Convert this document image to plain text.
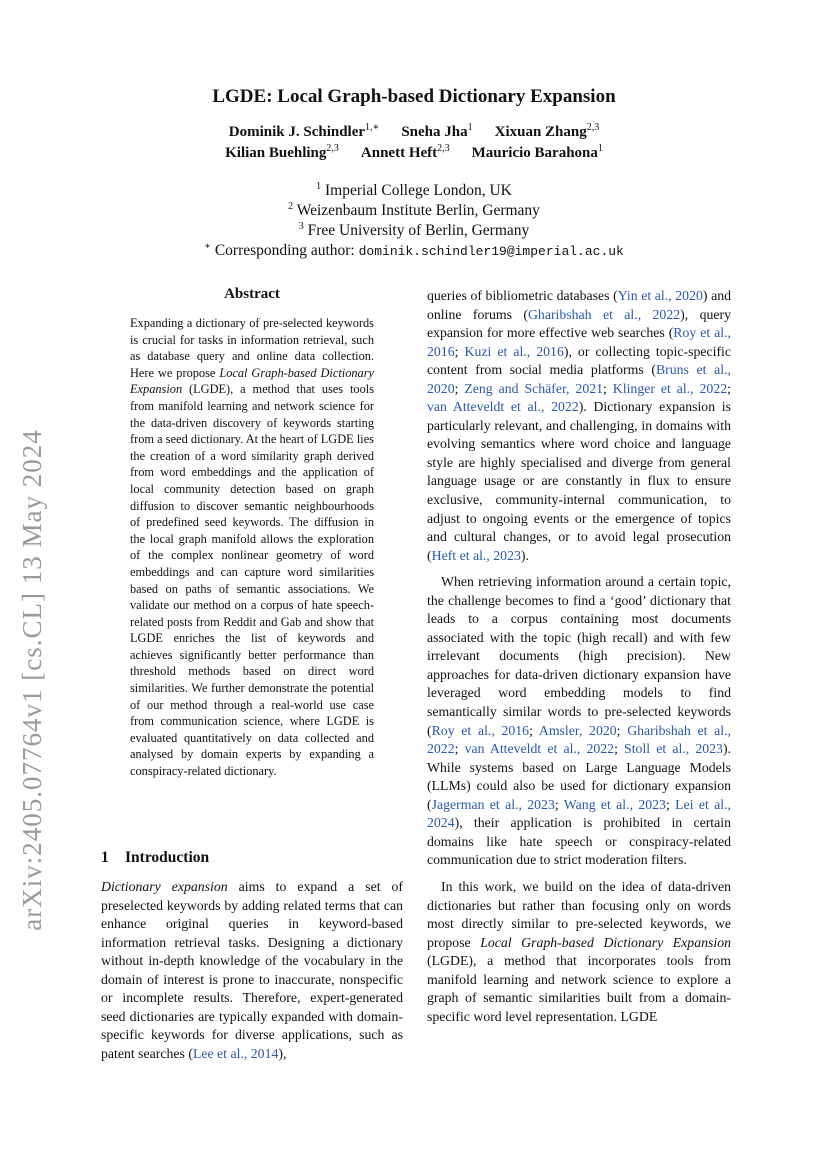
arXiv:2405.07764v1 [cs.CL] 13 May 2024
LGDE: Local Graph-based Dictionary Expansion
Dominik J. Schindler$^{1,∗}$ Sneha Jha$^1$ Xixuan Zhang$^{2,3}$
Kilian Buehling$^{2,3}$ Annett Heft$^{2,3}$ Mauricio Barahona$^1$
$^1$ Imperial College London, UK
$^2$ Weizenbaum Institute Berlin, Germany
$^3$ Free University of Berlin, Germany
∗ Corresponding author: dominik.schindler19@imperial.ac.uk
Abstract
Expanding a dictionary of pre-selected keywords is crucial for tasks in information retrieval, such as database query and online data collection. Here we propose Local Graph-based Dictionary Expansion (LGDE), a method that uses tools from manifold learning and network science for the data-driven discovery of keywords starting from a seed dictionary. At the heart of LGDE lies the creation of a word similarity graph derived from word embeddings and the application of local community detection based on graph diffusion to discover semantic neighbourhoods of predefined seed keywords. The diffusion in the local graph manifold allows the exploration of the complex nonlinear geometry of word embeddings and can capture word similarities based on paths of semantic associations. We validate our method on a corpus of hate speech-related posts from Reddit and Gab and show that LGDE enriches the list of keywords and achieves significantly better performance than threshold methods based on direct word similarities. We further demonstrate the potential of our method through a real-world use case from communication science, where LGDE is evaluated quantitatively on data collected and analysed by domain experts by expanding a conspiracy-related dictionary.
1 Introduction

Dictionary expansion aims to expand a set of preselected keywords by adding related terms that can enhance original queries in keyword-based information retrieval tasks. Designing a dictionary without in-depth knowledge of the vocabulary in the domain of interest is prone to inaccurate, nonspecific or incomplete results. Therefore, expert-generated seed dictionaries are typically expanded with domain-specific keywords for diverse applications, such as patent searches (Lee et al., 2014),

queries of bibliometric databases (Yin et al., 2020) and online forums (Gharibshah et al., 2022), query expansion for more effective web searches (Roy et al., 2016; Kuzi et al., 2016), or collecting topic-specific content from social media platforms (Bruns et al., 2020; Zeng and Schäfer, 2021; Klinger et al., 2022; van Atteveldt et al., 2022). Dictionary expansion is particularly relevant, and challenging, in domains with evolving semantics where word choice and language style are highly specialised and diverge from general language usage or are constantly in flux to ensure exclusive, community-internal communication, to adjust to ongoing events or the emergence of topics and cultural changes, or to avoid legal prosecution (Heft et al., 2023).

When retrieving information around a certain topic, the challenge becomes to find a ‘good’ dictionary that leads to a corpus containing most documents associated with the topic (high recall) and with few irrelevant documents (high precision). New approaches for data-driven dictionary expansion have leveraged word embedding models to find semantically similar words to pre-selected keywords (Roy et al., 2016; Amsler, 2020; Gharibshah et al., 2022; van Atteveldt et al., 2022; Stoll et al., 2023). While systems based on Large Language Models (LLMs) could also be used for dictionary expansion (Jagerman et al., 2023; Wang et al., 2023; Lei et al., 2024), their application is prohibited in certain domains like hate speech or conspiracy-related communication due to strict moderation filters.

In this work, we build on the idea of data-driven dictionaries but rather than focusing only on words most directly similar to pre-selected keywords, we propose Local Graph-based Dictionary Expansion (LGDE), a method that incorporates tools from manifold learning and network science to explore a graph of semantic similarities built from a domain-specific word level representation. LGDE
